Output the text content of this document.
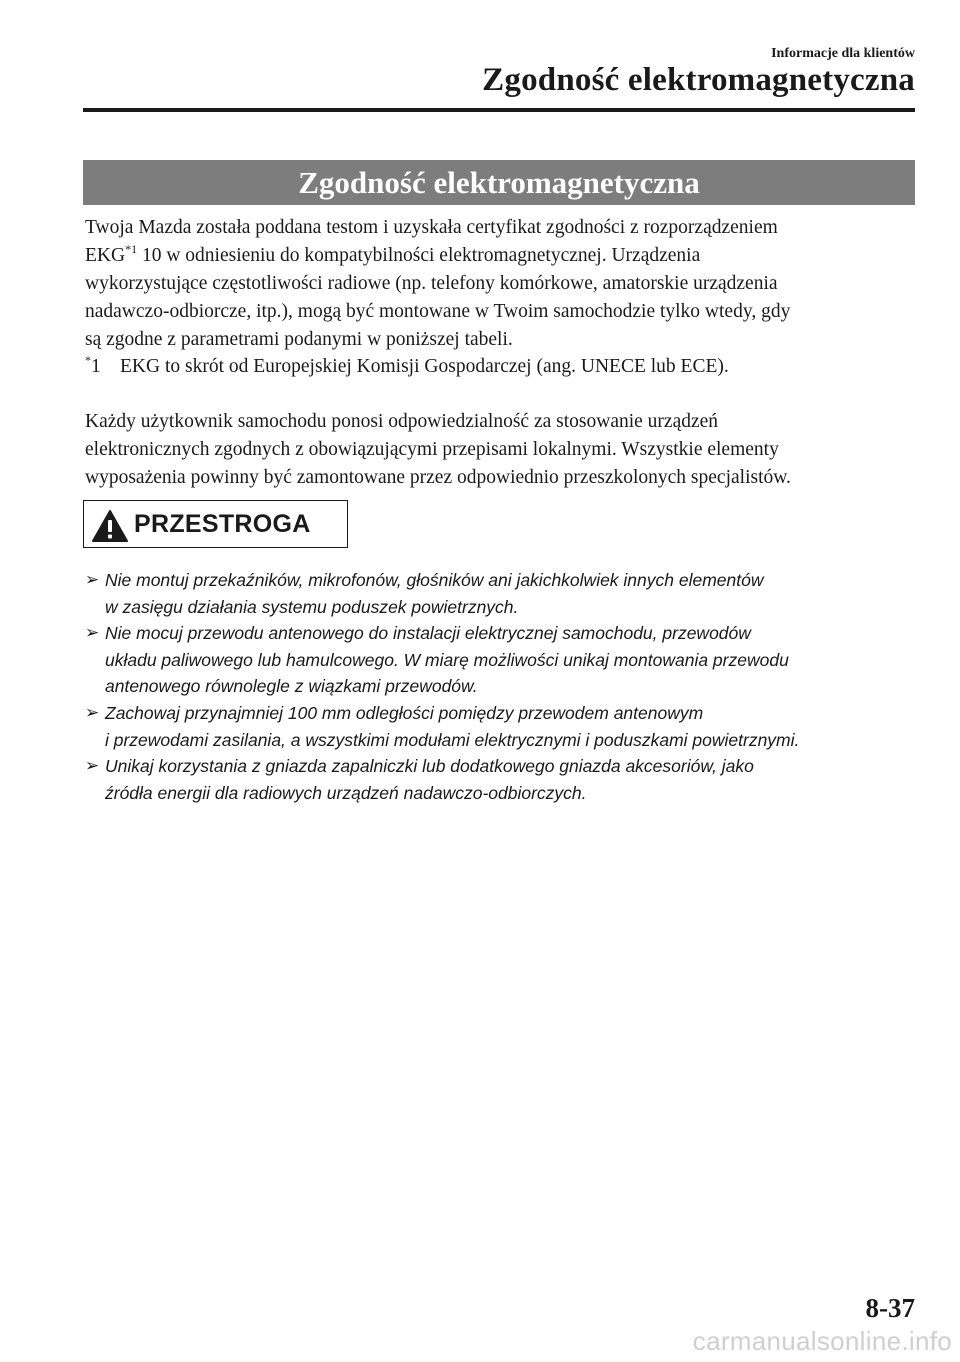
Informacje dla klientów
Zgodność elektromagnetyczna
Zgodność elektromagnetyczna
Twoja Mazda została poddana testom i uzyskała certyfikat zgodności z rozporządzeniem
EKG$^{*1}$ 10 w odniesieniu do kompatybilności elektromagnetycznej. Urządzenia
wykorzystujące częstotliwości radiowe (np. telefony komórkowe, amatorskie urządzenia
nadawczo-odbiorcze, itp.), mogą być montowane w Twoim samochodzie tylko wtedy, gdy
są zgodne z parametrami podanymi w poniższej tabeli.
*1 EKG to skrót od Europejskiej Komisji Gospodarczej (ang. UNECE lub ECE).
Każdy użytkownik samochodu ponosi odpowiedzialność za stosowanie urządzeń
elektronicznych zgodnych z obowiązującymi przepisami lokalnymi. Wszystkie elementy
wyposażenia powinny być zamontowane przez odpowiednio przeszkolonych specjalistów.
PRZESTROGA
➢ Nie montuj przekaźników, mikrofonów, głośników ani jakichkolwiek innych elementów
w zasięgu działania systemu poduszek powietrznych.
➢ Nie mocuj przewodu antenowego do instalacji elektrycznej samochodu, przewodów
układu paliwowego lub hamulcowego. W miarę możliwości unikaj montowania przewodu
antenowego równolegle z wiązkami przewodów.
➢ Zachowaj przynajmniej 100 mm odległości pomiędzy przewodem antenowym
i przewodami zasilania, a wszystkimi modułami elektrycznymi i poduszkami powietrznymi.
➢ Unikaj korzystania z gniazda zapalniczki lub dodatkowego gniazda akcesoriów, jako
źródła energii dla radiowych urządzeń nadawczo-odbiorczych.
8-37
carmanualsonline.info
